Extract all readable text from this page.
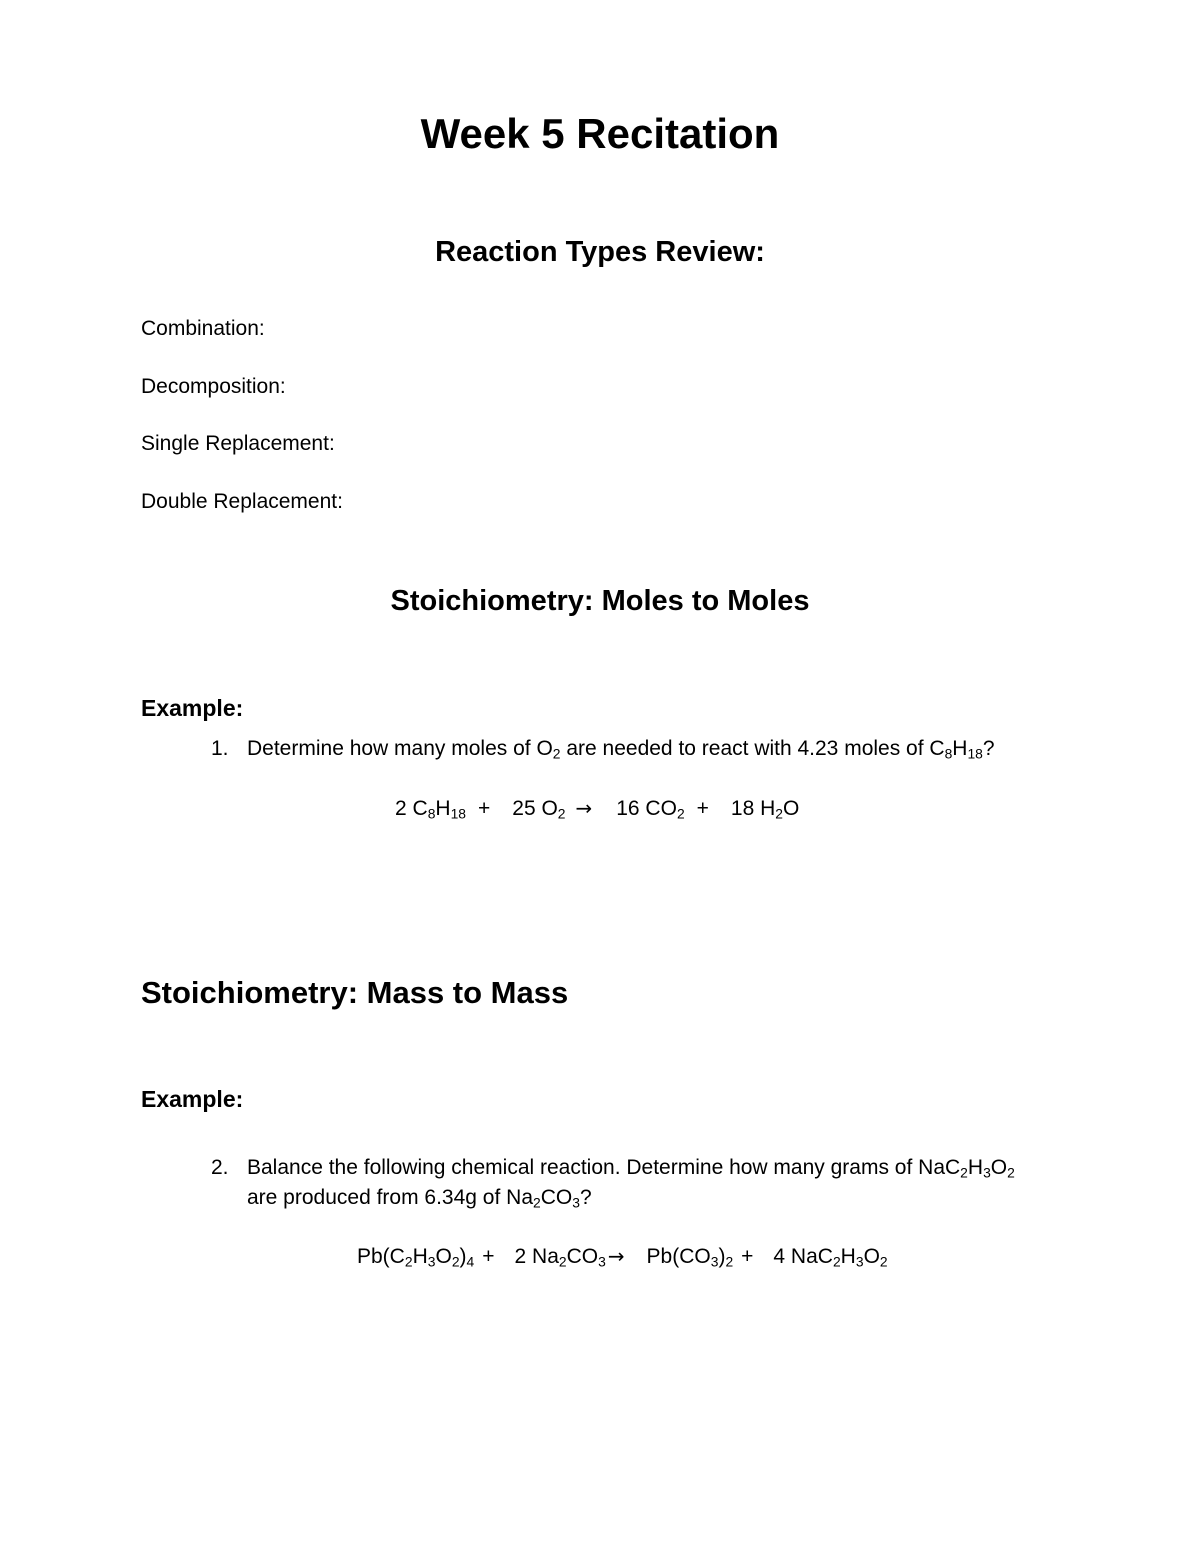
Week 5 Recitation
Reaction Types Review:
Combination:
Decomposition:
Single Replacement:
Double Replacement:
Stoichiometry: Moles to Moles
Example:
1. Determine how many moles of $O_2$ are needed to react with 4.23 moles of $C_8H_{18}$?
2 $C_8H_{18} + 25$ $O_2 \to 16$ $CO_2 + 18$ $H_2O$
Stoichiometry: Mass to Mass
Example:
2. Balance the following chemical reaction. Determine how many grams of $NaC_2H_3O_2$
are produced from 6.34g of $Na_2CO_3$?
$Pb(C_2H_3O_2)_4 + 2$ $Na_2CO_3 \to Pb(CO_3)_2 + 4$ $NaC_2H_3O_2$
